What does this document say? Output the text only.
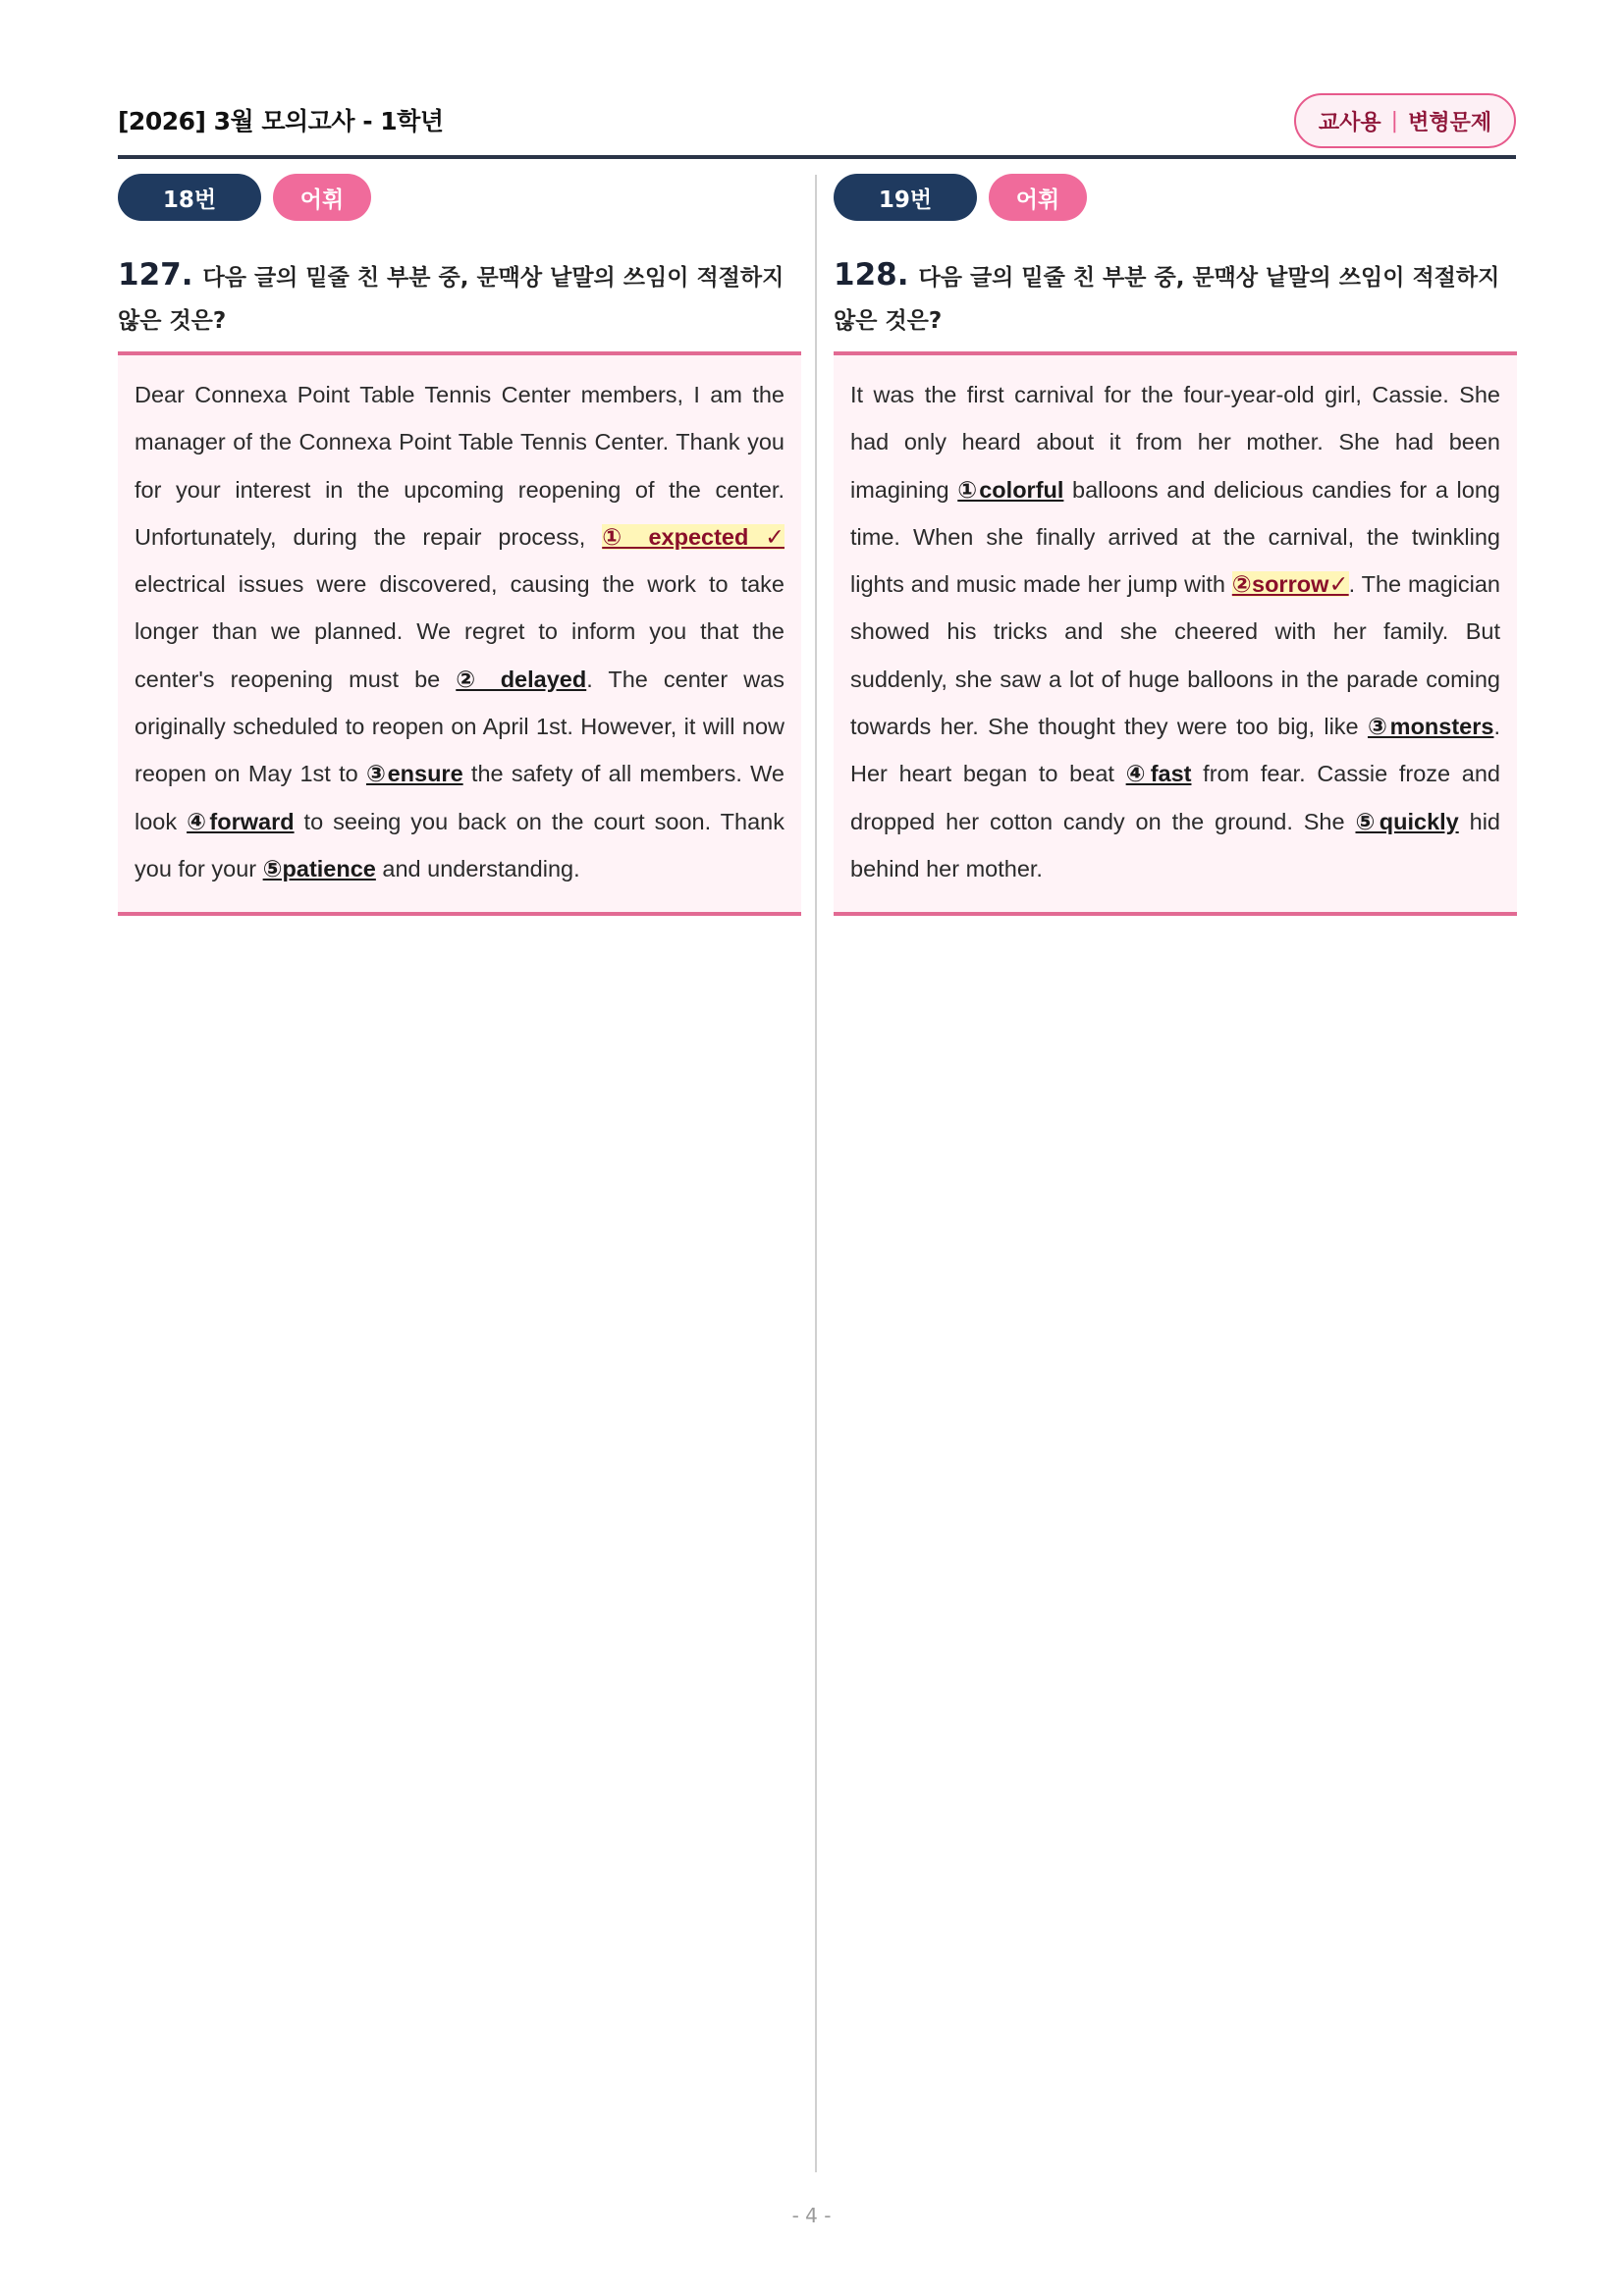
[2026] 3월 모의고사 - 1학년	교사용 | 변형문제
18번	어휘
127. 다음 글의 밑줄 친 부분 중, 문맥상 낱말의 쓰임이 적절하지
않은 것은?
Dear Connexa Point Table Tennis Center members, I am the manager of the Connexa Point Table Tennis Center. Thank you for your interest in the upcoming reopening of the center. Unfortunately, during the repair process, ① expected ✓ electrical issues were discovered, causing the work to take longer than we planned. We regret to inform you that the center's reopening must be ② delayed. The center was originally scheduled to reopen on April 1st. However, it will now reopen on May 1st to ③ensure the safety of all members. We look ④forward to seeing you back on the court soon. Thank you for your ⑤patience and understanding.
19번	어휘
128. 다음 글의 밑줄 친 부분 중, 문맥상 낱말의 쓰임이 적절하지
않은 것은?
It was the first carnival for the four-year-old girl, Cassie. She had only heard about it from her mother. She had been imagining ①colorful balloons and delicious candies for a long time. When she finally arrived at the carnival, the twinkling lights and music made her jump with ②sorrow✓. The magician showed his tricks and she cheered with her family. But suddenly, she saw a lot of huge balloons in the parade coming towards her. She thought they were too big, like ③monsters. Her heart began to beat ④fast from fear. Cassie froze and dropped her cotton candy on the ground. She ⑤quickly hid behind her mother.
- 4 -
